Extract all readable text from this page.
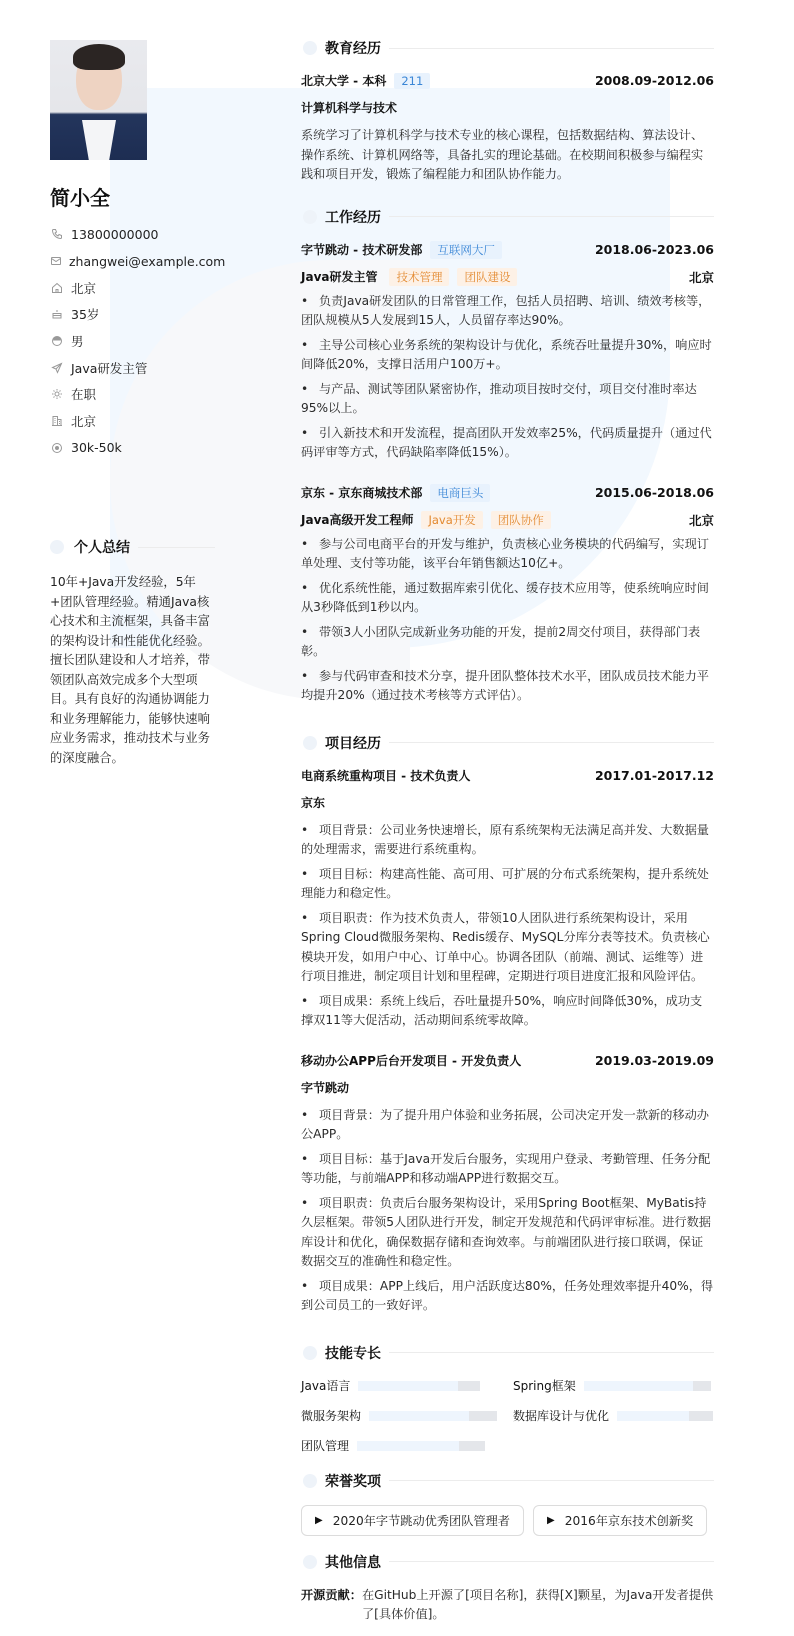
简小全
13800000000
zhangwei@example.com
北京
35岁
男
Java研发主管
在职
北京
30k-50k
个人总结

10年+Java开发经验，5年+团队管理经验。精通Java核心技术和主流框架，具备丰富的架构设计和性能优化经验。擅长团队建设和人才培养，带领团队高效完成多个大型项目。具有良好的沟通协调能力和业务理解能力，能够快速响应业务需求，推动技术与业务的深度融合。

教育经历
北京大学 - 本科	211	2008.09-2012.06
计算机科学与技术

系统学习了计算机科学与技术专业的核心课程，包括数据结构、算法设计、操作系统、计算机网络等，具备扎实的理论基础。在校期间积极参与编程实践和项目开发，锻炼了编程能力和团队协作能力。

工作经历
字节跳动 - 技术研发部	互联网大厂	2018.06-2023.06
Java研发主管	技术管理	团队建设	北京
• 负责Java研发团队的日常管理工作，包括人员招聘、培训、绩效考核等，团队规模从5人发展到15人，人员留存率达90%。
• 主导公司核心业务系统的架构设计与优化，系统吞吐量提升30%，响应时间降低20%，支撑日活用户100万+。
• 与产品、测试等团队紧密协作，推动项目按时交付，项目交付准时率达95%以上。
• 引入新技术和开发流程，提高团队开发效率25%，代码质量提升（通过代码评审等方式，代码缺陷率降低15%）。
京东 - 京东商城技术部	电商巨头	2015.06-2018.06
Java高级开发工程师	Java开发	团队协作	北京
• 参与公司电商平台的开发与维护，负责核心业务模块的代码编写，实现订单处理、支付等功能，该平台年销售额达10亿+。
• 优化系统性能，通过数据库索引优化、缓存技术应用等，使系统响应时间从3秒降低到1秒以内。
• 带领3人小团队完成新业务功能的开发，提前2周交付项目，获得部门表彰。
• 参与代码审查和技术分享，提升团队整体技术水平，团队成员技术能力平均提升20%（通过技术考核等方式评估）。
项目经历
电商系统重构项目 - 技术负责人	2017.01-2017.12
京东
• 项目背景：公司业务快速增长，原有系统架构无法满足高并发、大数据量的处理需求，需要进行系统重构。
• 项目目标：构建高性能、高可用、可扩展的分布式系统架构，提升系统处理能力和稳定性。
• 项目职责：作为技术负责人，带领10人团队进行系统架构设计，采用Spring Cloud微服务架构、Redis缓存、MySQL分库分表等技术。负责核心模块开发，如用户中心、订单中心。协调各团队（前端、测试、运维等）进行项目推进，制定项目计划和里程碑，定期进行项目进度汇报和风险评估。
• 项目成果：系统上线后，吞吐量提升50%，响应时间降低30%，成功支撑双11等大促活动，活动期间系统零故障。
移动办公APP后台开发项目 - 开发负责人	2019.03-2019.09
字节跳动
• 项目背景：为了提升用户体验和业务拓展，公司决定开发一款新的移动办公APP。
• 项目目标：基于Java开发后台服务，实现用户登录、考勤管理、任务分配等功能，与前端APP和移动端APP进行数据交互。
• 项目职责：负责后台服务架构设计，采用Spring Boot框架、MyBatis持久层框架。带领5人团队进行开发，制定开发规范和代码评审标准。进行数据库设计和优化，确保数据存储和查询效率。与前端团队进行接口联调，保证数据交互的准确性和稳定性。
• 项目成果：APP上线后，用户活跃度达80%，任务处理效率提升40%，得到公司员工的一致好评。
技能专长
Java语言	Spring框架
微服务架构	数据库设计与优化
团队管理
荣誉奖项
▶ 2020年字节跳动优秀团队管理者	▶ 2016年京东技术创新奖
其他信息
开源贡献： 在GitHub上开源了[项目名称]，获得[X]颗星，为Java开发者提供了[具体价值]。
